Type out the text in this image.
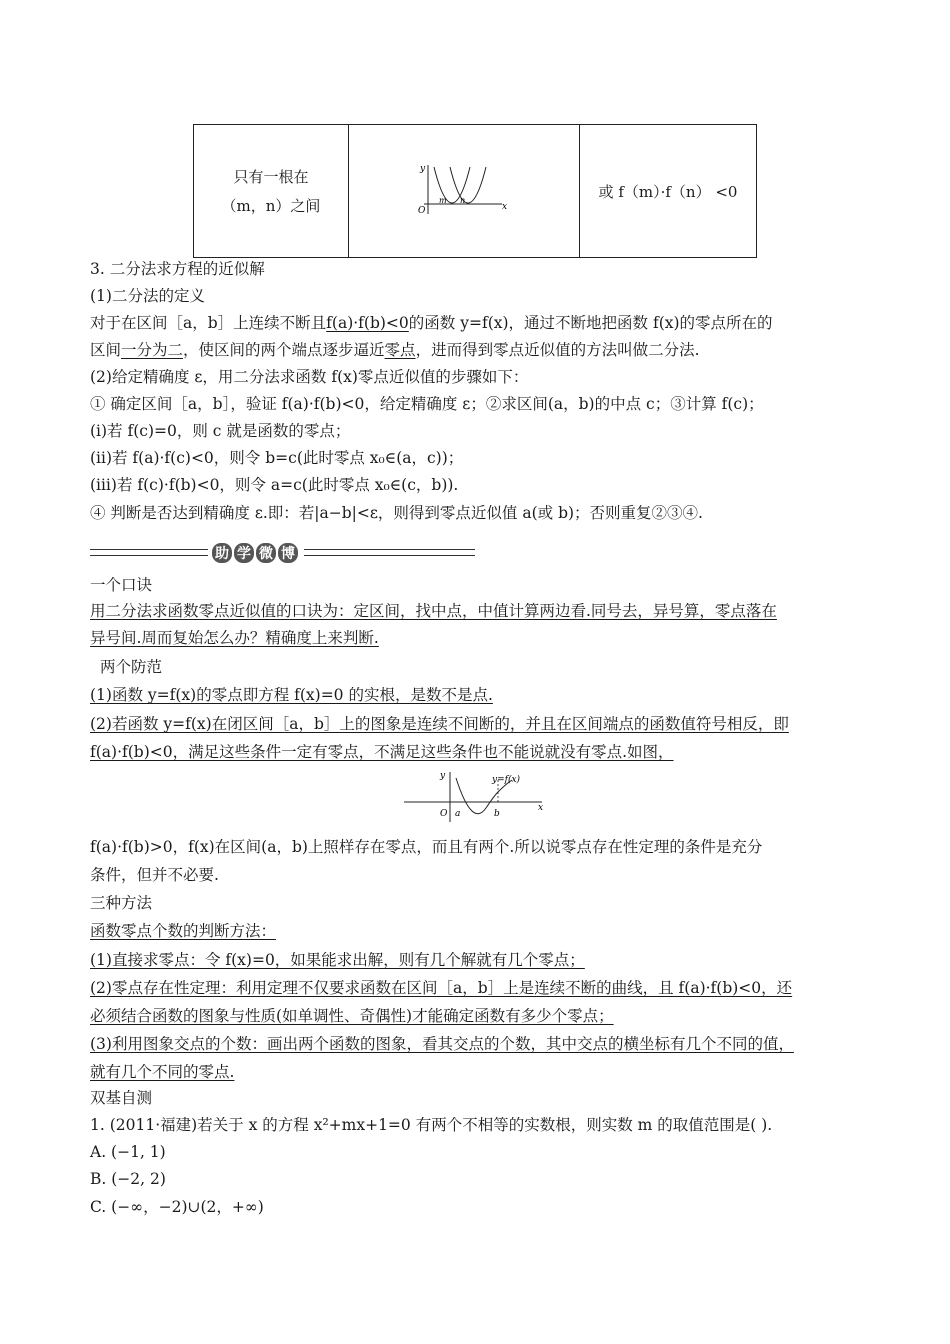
只有一根在
（m，n）之间

y
O
m n
x
	或 f（m）·f（n） <0
3. 二分法求方程的近似解
(1)二分法的定义
对于在区间［a，b］上连续不断且f(a)·f(b)<0的函数 y=f(x)，通过不断地把函数 f(x)的零点所在的
区间一分为二，使区间的两个端点逐步逼近零点，进而得到零点近似值的方法叫做二分法.
(2)给定精确度 ε，用二分法求函数 f(x)零点近似值的步骤如下：
① 确定区间［a，b］，验证 f(a)·f(b)<0，给定精确度 ε；②求区间(a，b)的中点 c；③计算 f(c)；
(ⅰ)若 f(c)=0，则 c 就是函数的零点；
(ⅱ)若 f(a)·f(c)<0，则令 b=c(此时零点 x₀∈(a，c))；
(ⅲ)若 f(c)·f(b)<0，则令 a=c(此时零点 x₀∈(c，b)).
④ 判断是否达到精确度 ε.即：若|a−b|<ε，则得到零点近似值 a(或 b)；否则重复②③④.
助 学 微 博
一个口诀
用二分法求函数零点近似值的口诀为：定区间，找中点，中值计算两边看.同号去，异号算，零点落在
异号间.周而复始怎么办？精确度上来判断.
两个防范
(1)函数 y=f(x)的零点即方程 f(x)=0 的实根，是数不是点.
(2)若函数 y=f(x)在闭区间［a，b］上的图象是连续不间断的，并且在区间端点的函数值符号相反，即
f(a)·f(b)<0，满足这些条件一定有零点，不满足这些条件也不能说就没有零点.如图，
y	y=f(x)
O a	b
x
f(a)·f(b)>0，f(x)在区间(a，b)上照样存在零点，而且有两个.所以说零点存在性定理的条件是充分
条件，但并不必要.
三种方法
函数零点个数的判断方法：
(1)直接求零点：令 f(x)=0，如果能求出解，则有几个解就有几个零点；
(2)零点存在性定理：利用定理不仅要求函数在区间［a，b］上是连续不断的曲线，且 f(a)·f(b)<0，还
必须结合函数的图象与性质(如单调性、奇偶性)才能确定函数有多少个零点；
(3)利用图象交点的个数：画出两个函数的图象，看其交点的个数，其中交点的横坐标有几个不同的值，
就有几个不同的零点.
双基自测
1. (2011·福建)若关于 x 的方程 x²+mx+1=0 有两个不相等的实数根，则实数 m 的取值范围是( ).
A. (−1, 1)
B. (−2, 2)
C. (−∞，−2)∪(2，+∞)
